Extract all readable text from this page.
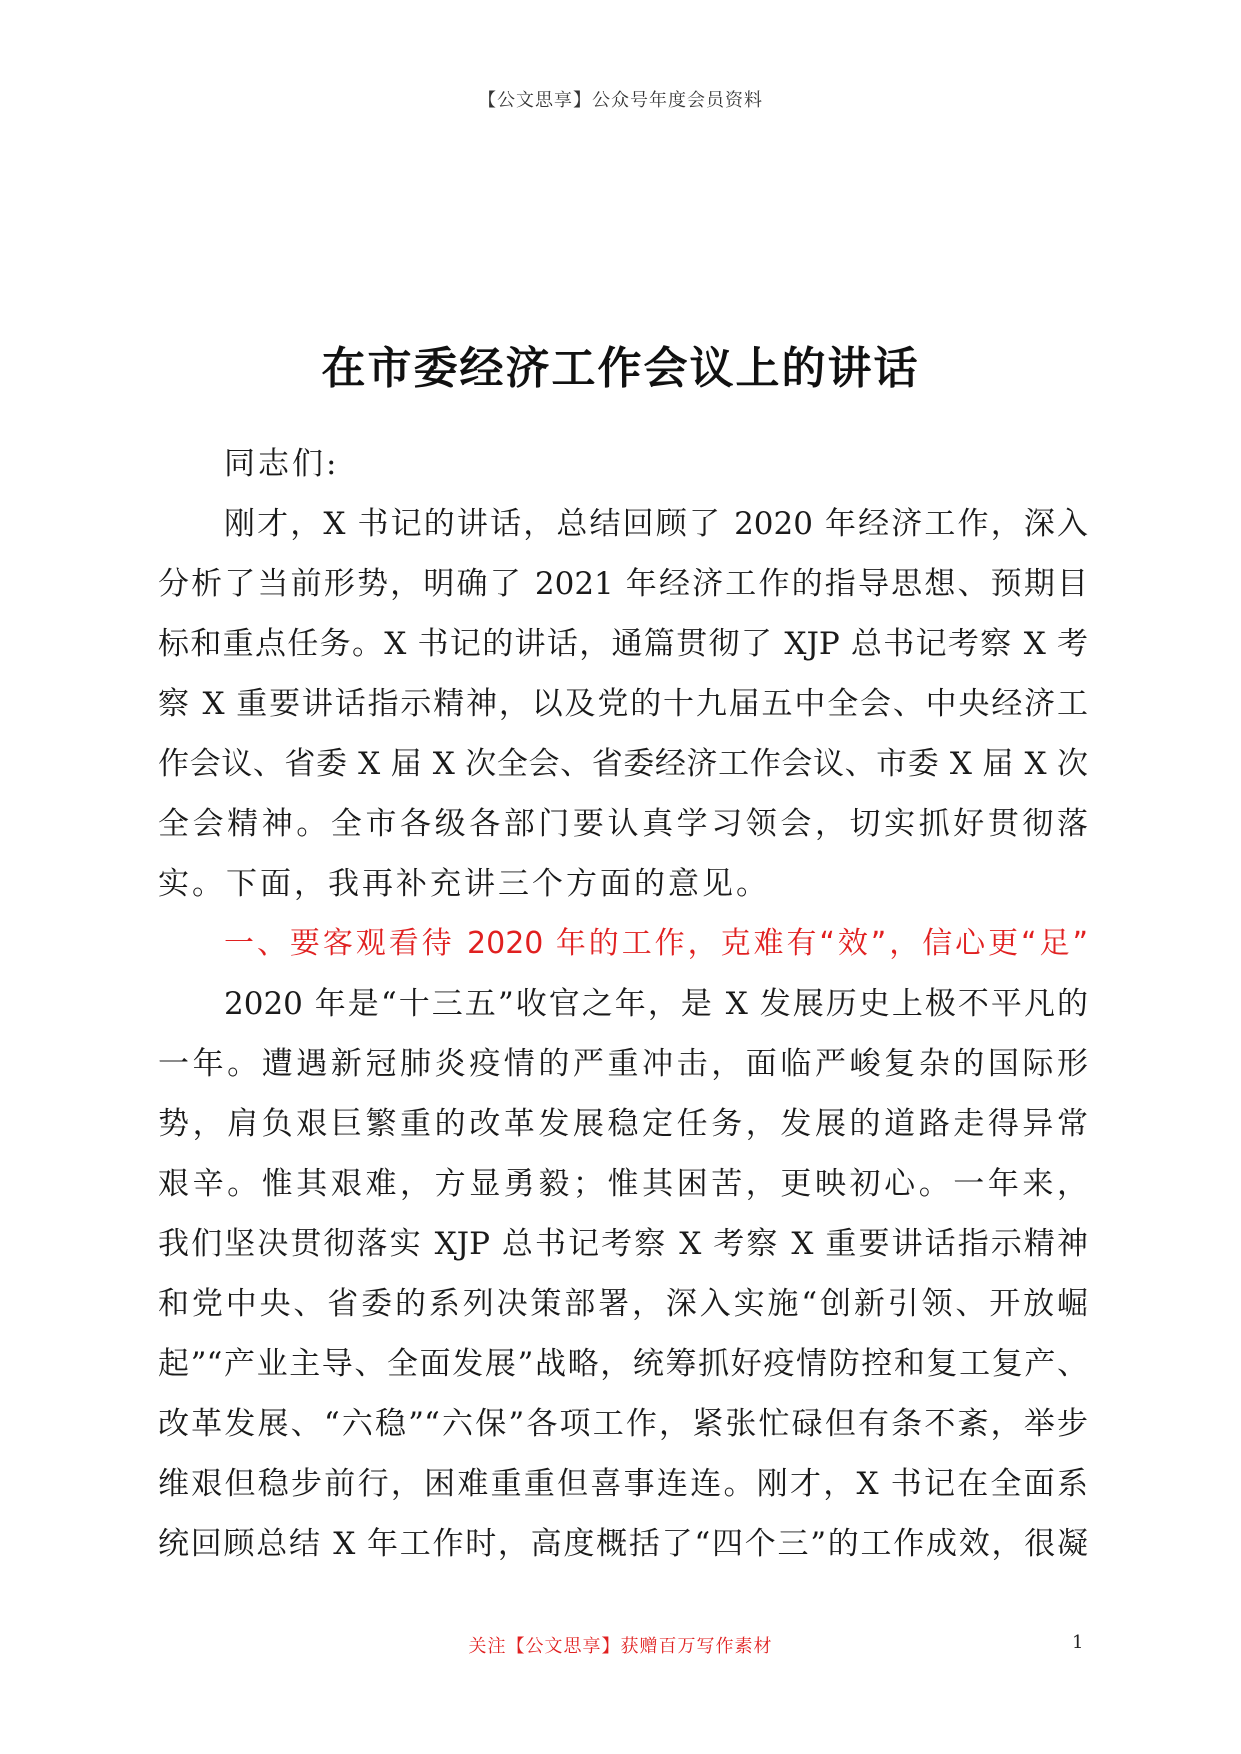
【公文思享】公众号年度会员资料
在市委经济工作会议上的讲话
同志们:
刚才，X 书记的讲话，总结回顾了 2020 年经济工作，深入
分析了当前形势，明确了 2021 年经济工作的指导思想、预期目
标和重点任务。X 书记的讲话，通篇贯彻了 XJP 总书记考察 X 考
察 X 重要讲话指示精神，以及党的十九届五中全会、中央经济工
作会议、省委 X 届 X 次全会、省委经济工作会议、市委 X 届 X 次
全会精神。全市各级各部门要认真学习领会，切实抓好贯彻落
实。下面，我再补充讲三个方面的意见。
一、要客观看待 2020 年的工作，克难有“效”，信心更“足”
2020 年是“十三五”收官之年，是 X 发展历史上极不平凡的
一年。遭遇新冠肺炎疫情的严重冲击，面临严峻复杂的国际形
势，肩负艰巨繁重的改革发展稳定任务，发展的道路走得异常
艰辛。惟其艰难，方显勇毅；惟其困苦，更映初心。一年来，
我们坚决贯彻落实 XJP 总书记考察 X 考察 X 重要讲话指示精神
和党中央、省委的系列决策部署，深入实施“创新引领、开放崛
起”“产业主导、全面发展”战略，统筹抓好疫情防控和复工复产、
改革发展、“六稳”“六保”各项工作，紧张忙碌但有条不紊，举步
维艰但稳步前行，困难重重但喜事连连。刚才，X 书记在全面系
统回顾总结 X 年工作时，高度概括了“四个三”的工作成效，很凝
关注【公文思享】获赠百万写作素材	1
